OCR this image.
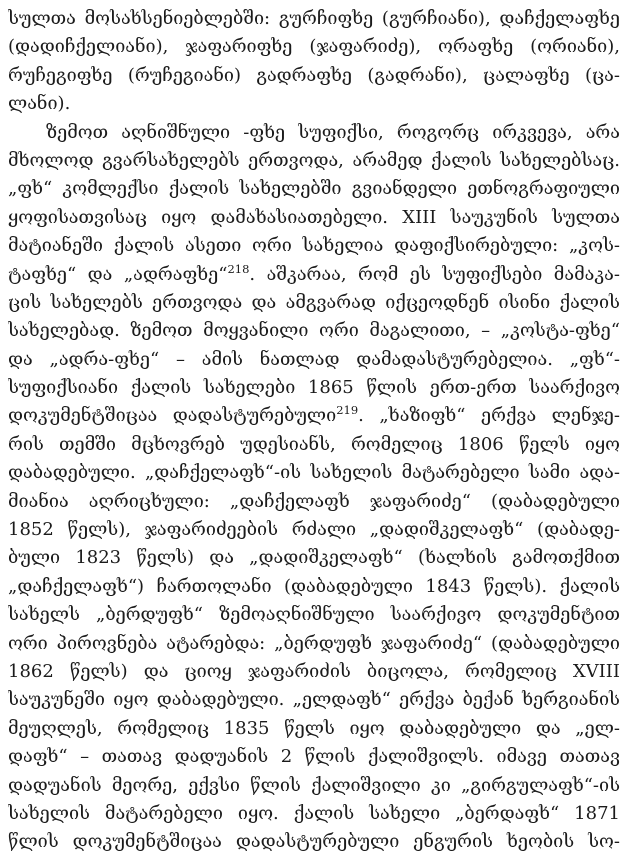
სულთა მოსახსენიებლებში: გურჩიფხე (გურჩიანი), დაჩქელაფხე
(დადიჩქელიანი), ჯაფარიფხე (ჯაფარიძე), ორაფხე (ორიანი),
რუჩეგიფხე (რუჩეგიანი) გადრაფხე (გადრანი), ცალაფხე (ცა-
ლანი).
ზემოთ აღნიშნული -ფხე სუფიქსი, როგორც ირკვევა, არა
მხოლოდ გვარსახელებს ერთვოდა, არამედ ქალის სახელებსაც.
„ფხ“ კომლექსი ქალის სახელებში გვიანდელი ეთნოგრაფიული
ყოფისათვისაც იყო დამახასიათებელი. XIII საუკუნის სულთა
მატიანეში ქალის ასეთი ორი სახელია დაფიქსირებული: „კოს-
ტაფხე“ და „ადრაფხე“$^{218}$. აშკარაა, რომ ეს სუფიქსები მამაკა-
ცის სახელებს ერთვოდა და ამგვარად იქცეოდნენ ისინი ქალის
სახელებად. ზემოთ მოყვანილი ორი მაგალითი, – „კოსტა-ფხე“
და „ადრა-ფხე“ – ამის ნათლად დამადასტურებელია. „ფხ“-
სუფიქსიანი ქალის სახელები 1865 წლის ერთ-ერთ საარქივო
დოკუმენტშიცაა დადასტურებული$^{219}$. „ხაზიფხ“ ერქვა ლენჯე-
რის თემში მცხოვრებ უდესიანს, რომელიც 1806 წელს იყო
დაბადებული. „დაჩქელაფხ“-ის სახელის მატარებელი სამი ადა-
მიანია აღრიცხული: „დაჩქელაფხ ჯაფარიძე“ (დაბადებული
1852 წელს), ჯაფარიძეების რძალი „დადიშკელაფხ“ (დაბადე-
ბული 1823 წელს) და „დადიშკელაფხ“ (ხალხის გამოთქმით
„დაჩქელაფხ“) ჩართოლანი (დაბადებული 1843 წელს). ქალის
სახელს „ბერდუფხ“ ზემოაღნიშნული საარქივო დოკუმენტით
ორი პიროვნება ატარებდა: „ბერდუფხ ჯაფარიძე“ (დაბადებული
1862 წელს) და ციოყ ჯაფარიძის ბიცოლა, რომელიც XVIII
საუკუნეში იყო დაბადებული. „ელდაფხ“ ერქვა ბექან ხერგიანის
მეუღლეს, რომელიც 1835 წელს იყო დაბადებული და „ელ-
დაფხ“ – თათავ დადუანის 2 წლის ქალიშვილს. იმავე თათავ
დადუანის მეორე, ექვსი წლის ქალიშვილი კი „გირგულაფხ“-ის
სახელის მატარებელი იყო. ქალის სახელი „ბერდაფხ“ 1871
წლის დოკუმენტშიცაა დადასტურებული ენგურის ხეობის სო-
